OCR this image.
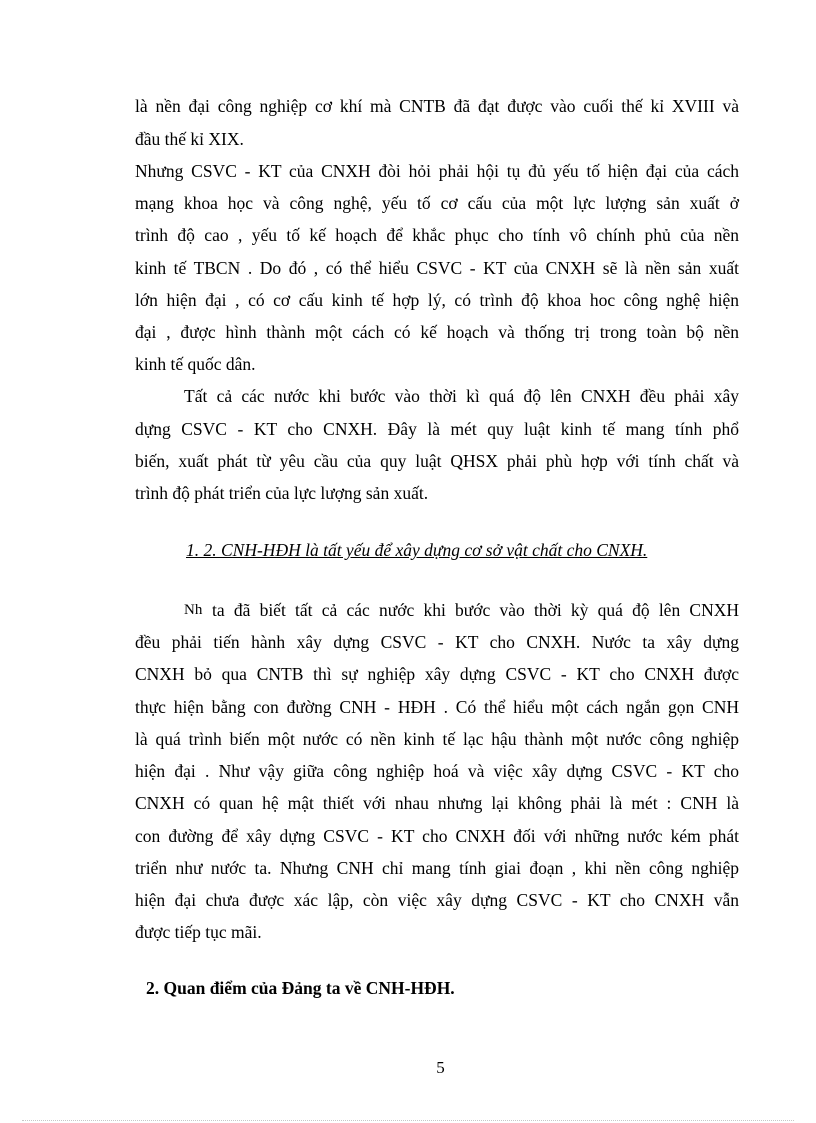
là nền đại công nghiệp cơ khí mà CNTB đã đạt được vào cuối thế kỉ XVIII và
đầu thế kỉ XIX.
Nhưng CSVC - KT của CNXH đòi hỏi phải hội tụ đủ yếu tố hiện đại của cách
mạng khoa học và công nghệ, yếu tố cơ cấu của một lực lượng sản xuất ở
trình độ cao , yếu tố kế hoạch để khắc phục cho tính vô chính phủ của nền
kinh tế TBCN . Do đó , có thể hiểu CSVC - KT của CNXH sẽ là nền sản xuất
lớn hiện đại , có cơ cấu kinh tế hợp lý, có trình độ khoa hoc công nghệ hiện
đại , được hình thành một cách có kế hoạch và thống trị trong toàn bộ nền
kinh tế quốc dân.
Tất cả các nước khi bước vào thời kì quá độ lên CNXH đều phải xây
dựng CSVC - KT cho CNXH. Đây là mét quy luật kinh tế mang tính phổ
biến, xuất phát từ yêu cầu của quy luật QHSX phải phù hợp với tính chất và
trình độ phát triển của lực lượng sản xuất.
1. 2. CNH-HĐH là tất yếu để xây dựng cơ sở vật chất cho CNXH.
Nh ta đã biết tất cả các nước khi bước vào thời kỳ quá độ lên CNXH
đều phải tiến hành xây dựng CSVC - KT cho CNXH. Nước ta xây dựng
CNXH bỏ qua CNTB thì sự nghiệp xây dựng CSVC - KT cho CNXH được
thực hiện bằng con đường CNH - HĐH . Có thể hiểu một cách ngắn gọn CNH
là quá trình biến một nước có nền kinh tế lạc hậu thành một nước công nghiệp
hiện đại . Như vậy giữa công nghiệp hoá và việc xây dựng CSVC - KT cho
CNXH có quan hệ mật thiết với nhau nhưng lại không phải là mét : CNH là
con đường để xây dựng CSVC - KT cho CNXH đối với những nước kém phát
triển như nước ta. Nhưng CNH chỉ mang tính giai đoạn , khi nền công nghiệp
hiện đại chưa được xác lập, còn việc xây dựng CSVC - KT cho CNXH vẫn
được tiếp tục mãi.
2. Quan điểm của Đảng ta về CNH-HĐH.
5
